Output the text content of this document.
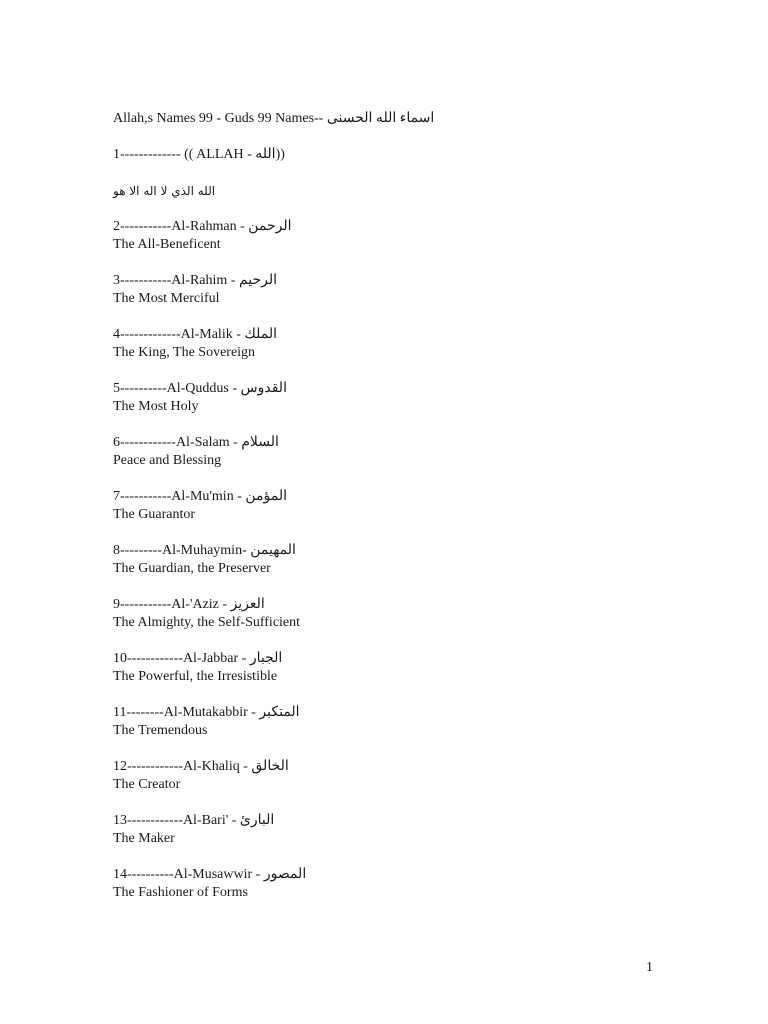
Allah,s Names 99 - Guds 99 Names-- اسماء الله الحسنى
1------------- (( ALLAH - الله))
الله الذي لا اله الا هو
2-----------Al-Rahman - الرحمن
The All-Beneficent
3-----------Al-Rahim - الرحيم
The Most Merciful
4-------------Al-Malik - الملك
The King, The Sovereign
5----------Al-Quddus - القدوس
The Most Holy
6------------Al-Salam - السلام
Peace and Blessing
7-----------Al-Mu'min - المؤمن
The Guarantor
8---------Al-Muhaymin- المهيمن
The Guardian, the Preserver
9-----------Al-'Aziz - العزيز
The Almighty, the Self-Sufficient
10------------Al-Jabbar - الجبار
The Powerful, the Irresistible
11--------Al-Mutakabbir - المتكبر
The Tremendous
12------------Al-Khaliq - الخالق
The Creator
13------------Al-Bari' - البارئ
The Maker
14----------Al-Musawwir - المصور
The Fashioner of Forms
1
